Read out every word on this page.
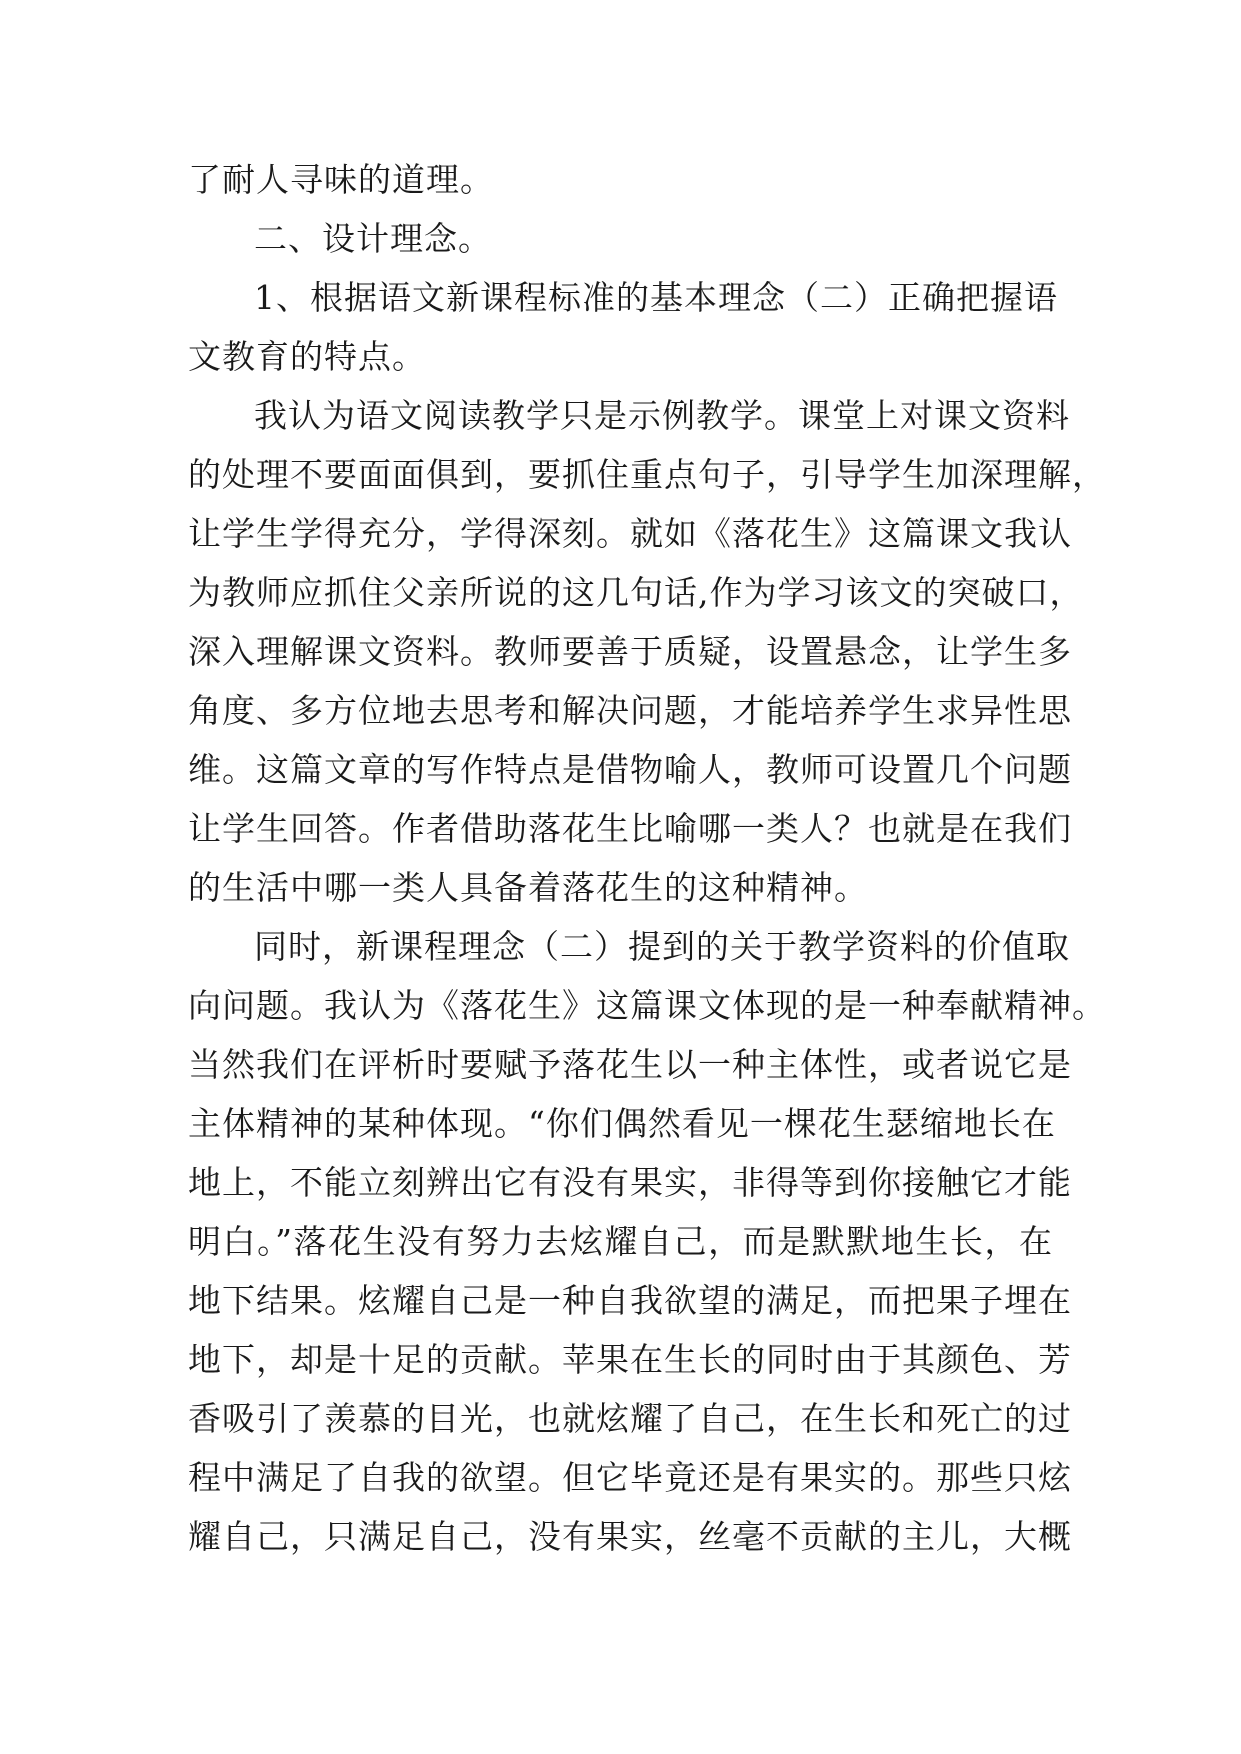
了耐人寻味的道理。
二、设计理念。
1、根据语文新课程标准的基本理念（二）正确把握语
文教育的特点。
我认为语文阅读教学只是示例教学。课堂上对课文资料
的处理不要面面俱到，要抓住重点句子，引导学生加深理解，
让学生学得充分，学得深刻。就如《落花生》这篇课文我认
为教师应抓住父亲所说的这几句话,作为学习该文的突破口，
深入理解课文资料。教师要善于质疑，设置悬念，让学生多
角度、多方位地去思考和解决问题，才能培养学生求异性思
维。这篇文章的写作特点是借物喻人，教师可设置几个问题
让学生回答。作者借助落花生比喻哪一类人？也就是在我们
的生活中哪一类人具备着落花生的这种精神。
同时，新课程理念（二）提到的关于教学资料的价值取
向问题。我认为《落花生》这篇课文体现的是一种奉献精神。
当然我们在评析时要赋予落花生以一种主体性，或者说它是
主体精神的某种体现。“你们偶然看见一棵花生瑟缩地长在
地上，不能立刻辨出它有没有果实，非得等到你接触它才能
明白。”落花生没有努力去炫耀自己，而是默默地生长，在
地下结果。炫耀自己是一种自我欲望的满足，而把果子埋在
地下，却是十足的贡献。苹果在生长的同时由于其颜色、芳
香吸引了羡慕的目光，也就炫耀了自己，在生长和死亡的过
程中满足了自我的欲望。但它毕竟还是有果实的。那些只炫
耀自己，只满足自己，没有果实，丝毫不贡献的主儿，大概
